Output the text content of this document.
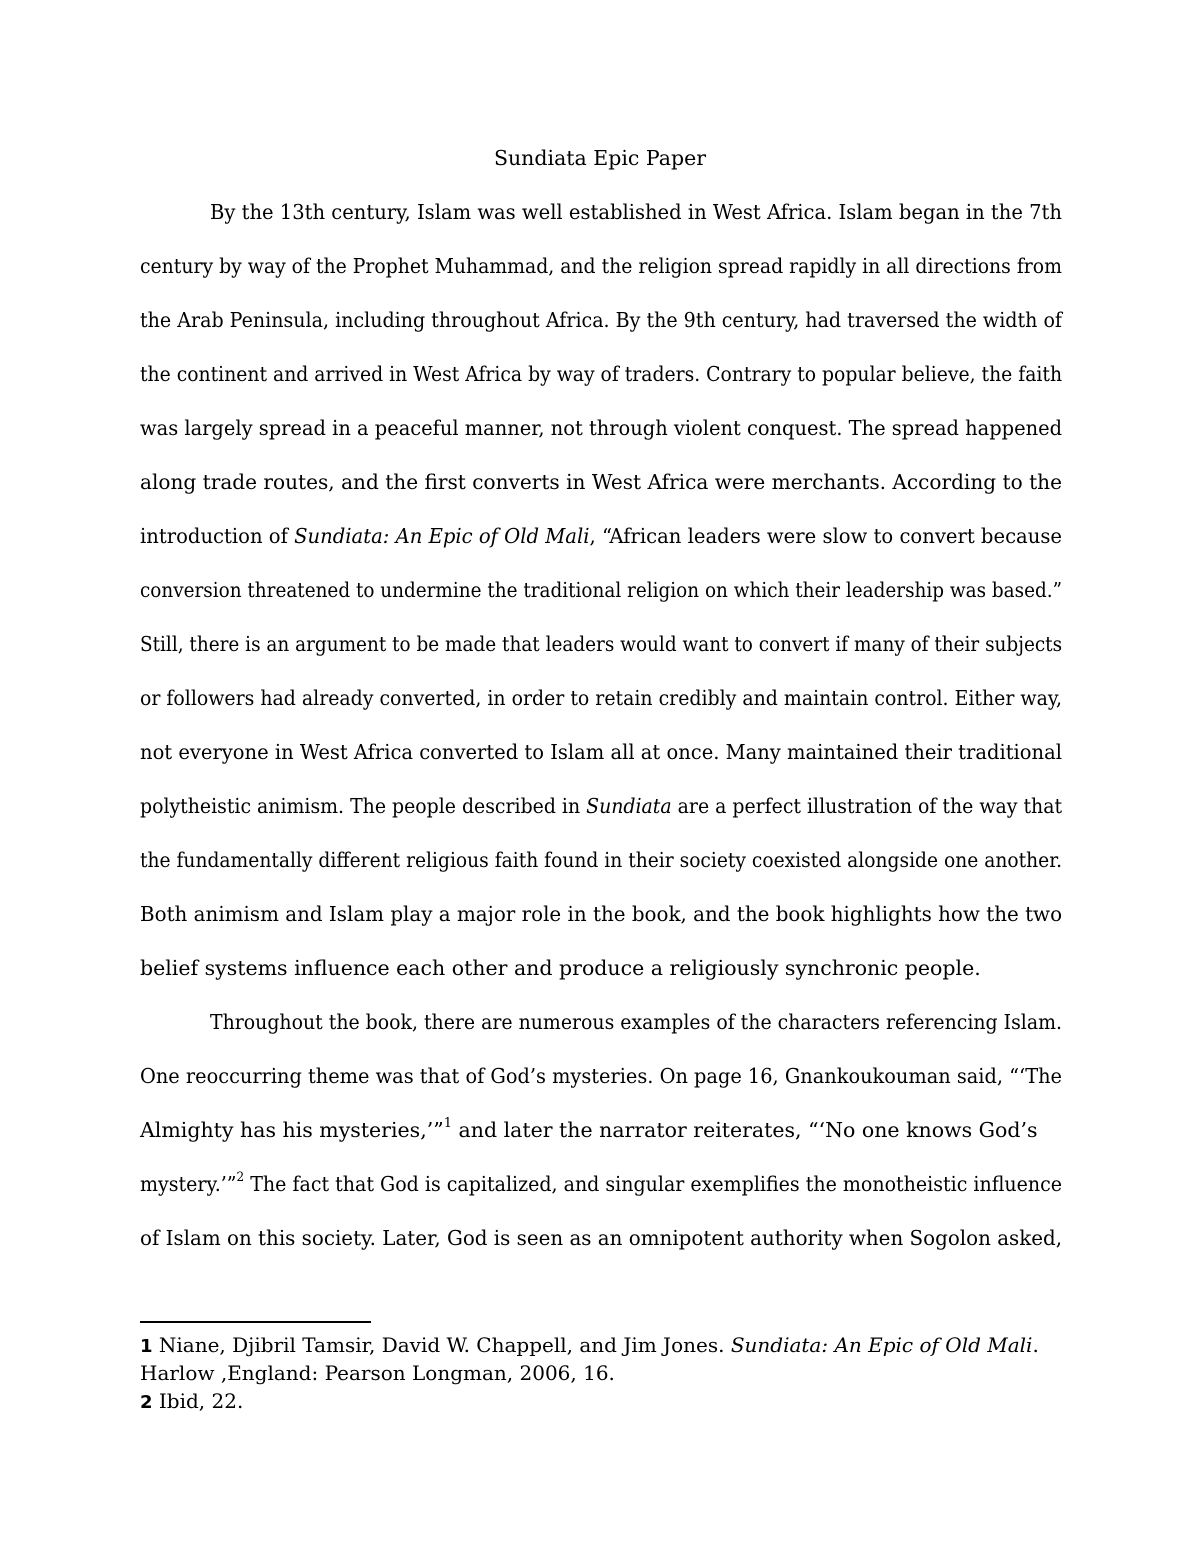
Sundiata Epic Paper
By the 13th century, Islam was well established in West Africa. Islam began in the 7th
century by way of the Prophet Muhammad, and the religion spread rapidly in all directions from
the Arab Peninsula, including throughout Africa. By the 9th century, had traversed the width of
the continent and arrived in West Africa by way of traders. Contrary to popular believe, the faith
was largely spread in a peaceful manner, not through violent conquest. The spread happened
along trade routes, and the first converts in West Africa were merchants. According to the
introduction of Sundiata: An Epic of Old Mali, “African leaders were slow to convert because
conversion threatened to undermine the traditional religion on which their leadership was based.”
Still, there is an argument to be made that leaders would want to convert if many of their subjects
or followers had already converted, in order to retain credibly and maintain control. Either way,
not everyone in West Africa converted to Islam all at once. Many maintained their traditional
polytheistic animism. The people described in Sundiata are a perfect illustration of the way that
the fundamentally different religious faith found in their society coexisted alongside one another.
Both animism and Islam play a major role in the book, and the book highlights how the two
belief systems influence each other and produce a religiously synchronic people.
Throughout the book, there are numerous examples of the characters referencing Islam.
One reoccurring theme was that of God’s mysteries. On page 16, Gnankoukouman said, “‘The
Almighty has his mysteries,’”$^1$ and later the narrator reiterates, “‘No one knows God’s
mystery.’”$^2$ The fact that God is capitalized, and singular exemplifies the monotheistic influence
of Islam on this society. Later, God is seen as an omnipotent authority when Sogolon asked,
1 Niane, Djibril Tamsir, David W. Chappell, and Jim Jones. Sundiata: An Epic of Old Mali.
Harlow ,England: Pearson Longman, 2006, 16.
2 Ibid, 22.
